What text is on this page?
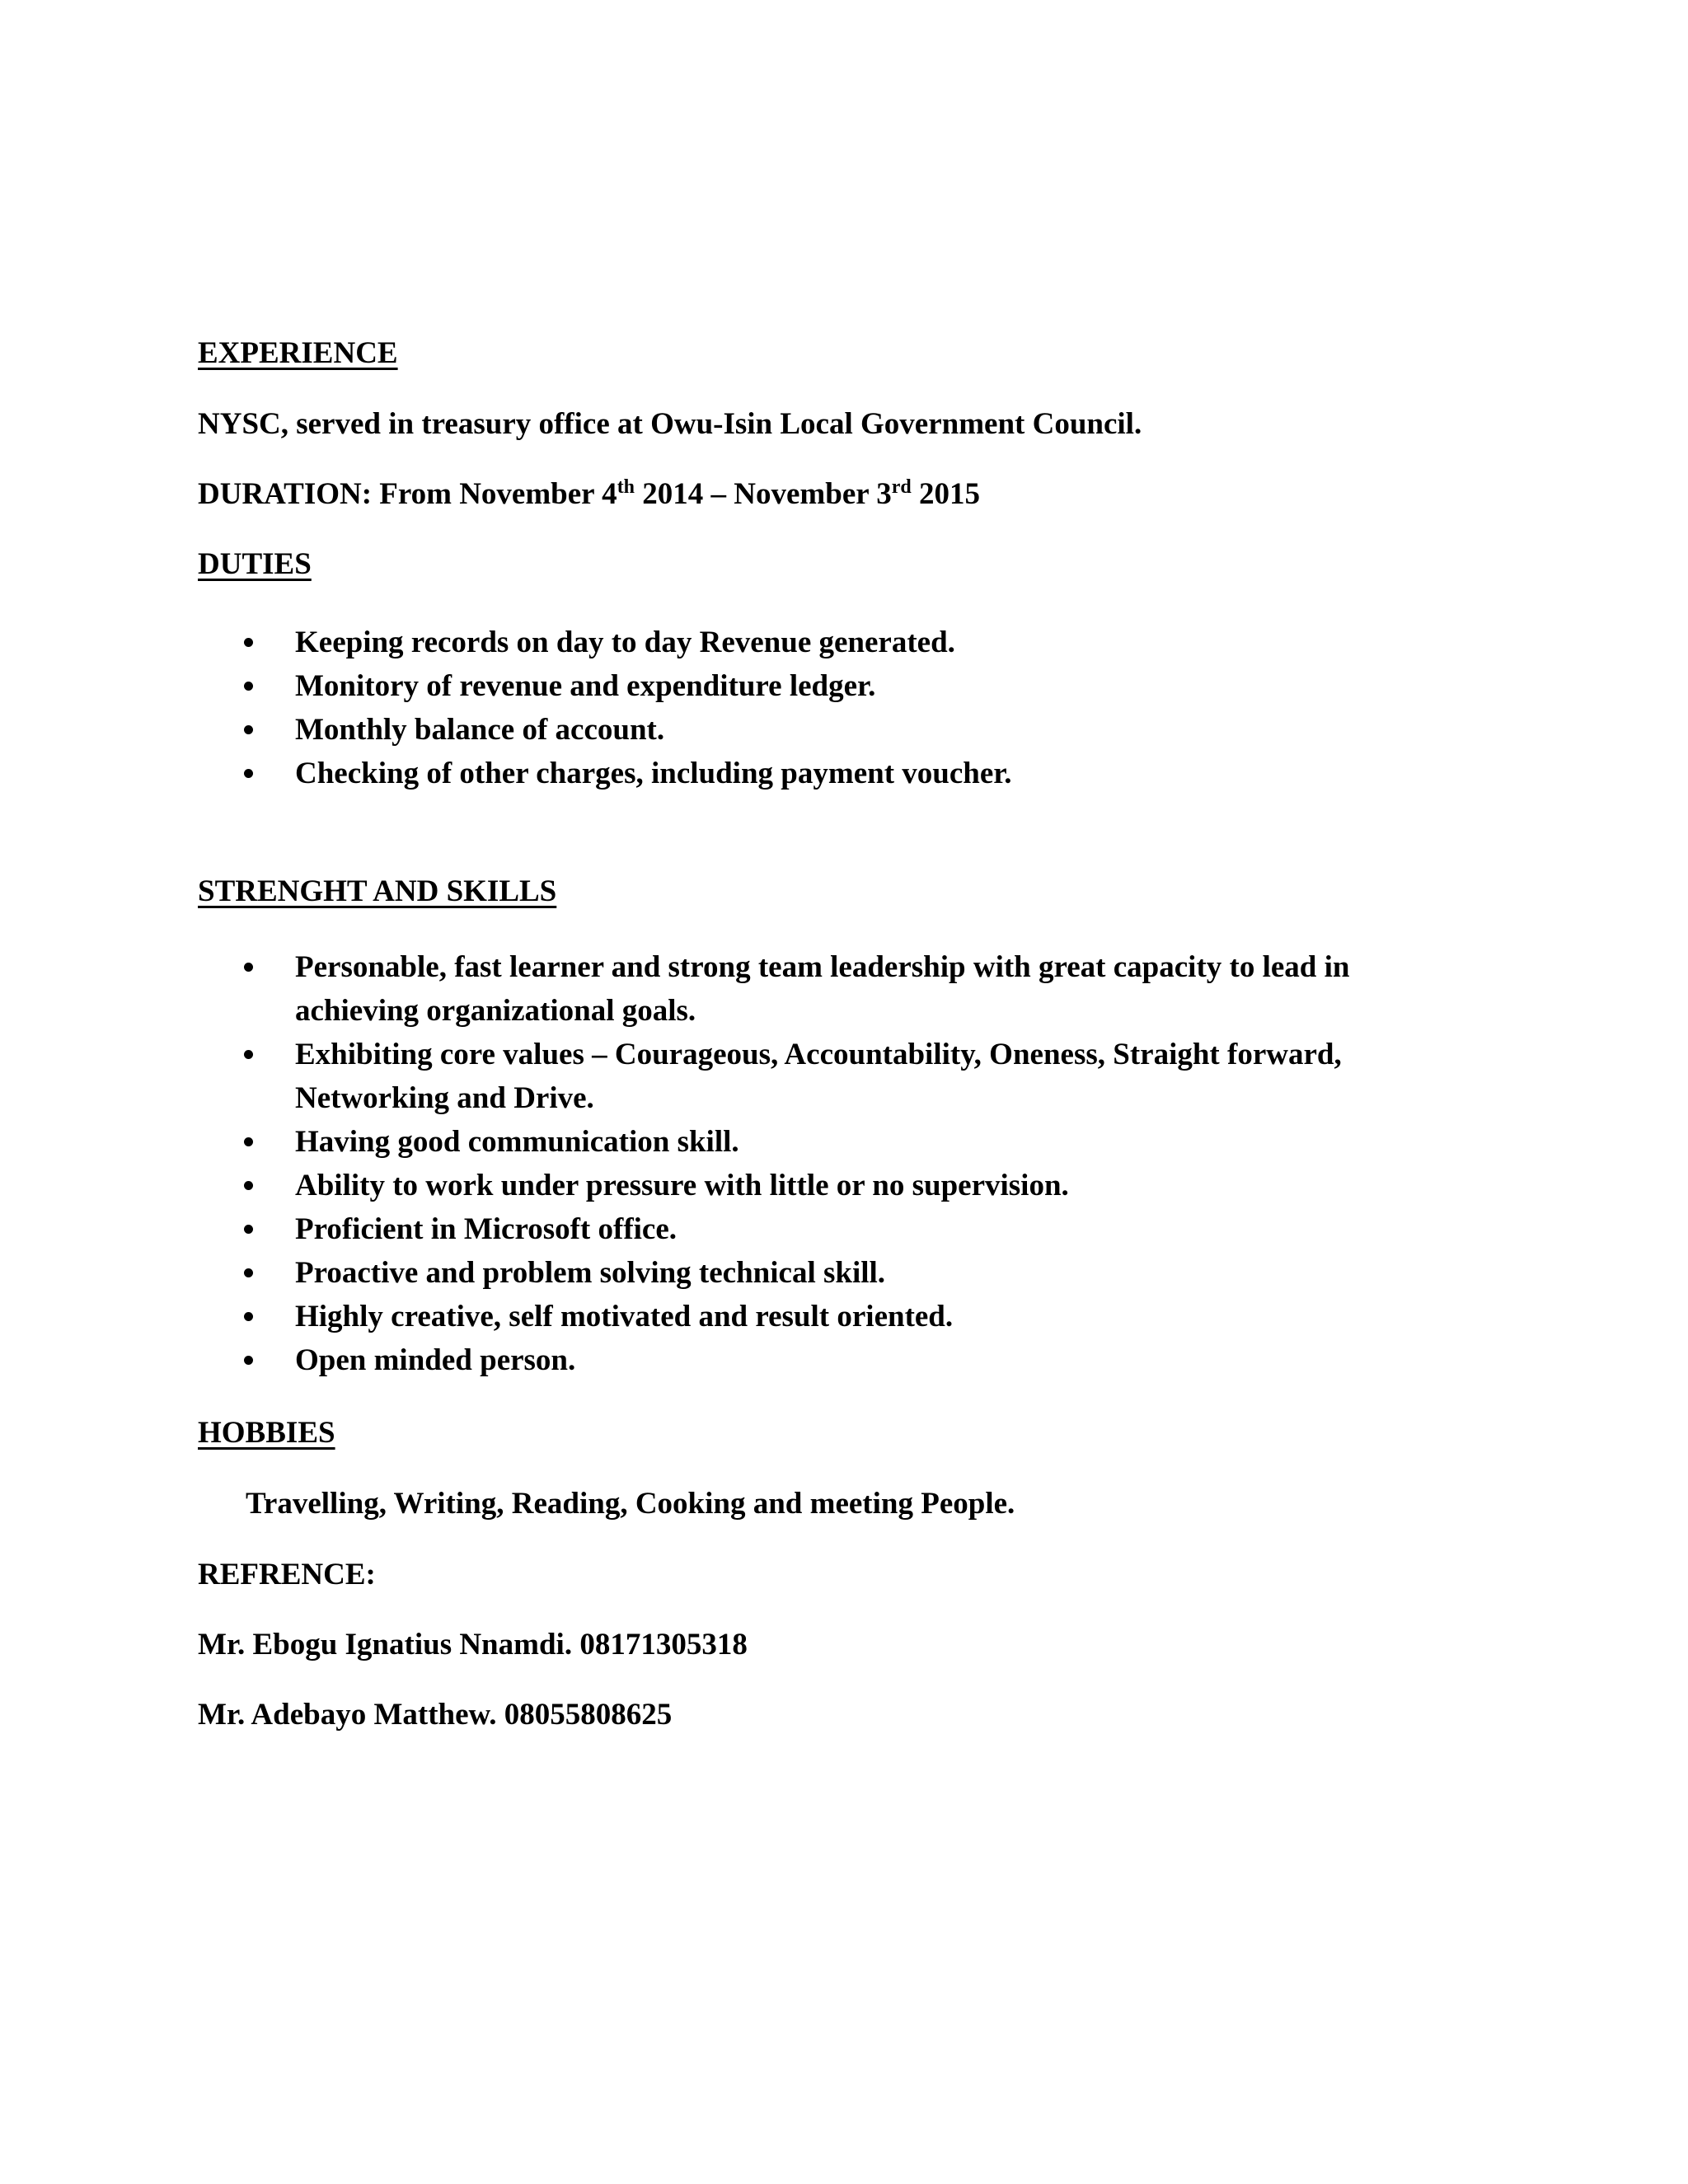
EXPERIENCE
NYSC, served in treasury office at Owu-Isin Local Government Council.
DURATION: From November 4th 2014 – November 3rd 2015
DUTIES
Keeping records on day to day Revenue generated.
Monitory of revenue and expenditure ledger.
Monthly balance of account.
Checking of other charges, including payment voucher.
STRENGHT AND SKILLS
Personable, fast learner and strong team leadership with great capacity to lead in
achieving organizational goals.
Exhibiting core values – Courageous, Accountability, Oneness, Straight forward,
Networking and Drive.
Having good communication skill.
Ability to work under pressure with little or no supervision.
Proficient in Microsoft office.
Proactive and problem solving technical skill.
Highly creative, self motivated and result oriented.
Open minded person.
HOBBIES
Travelling, Writing, Reading, Cooking and meeting People.
REFRENCE:
Mr. Ebogu Ignatius Nnamdi. 08171305318
Mr. Adebayo Matthew. 08055808625
